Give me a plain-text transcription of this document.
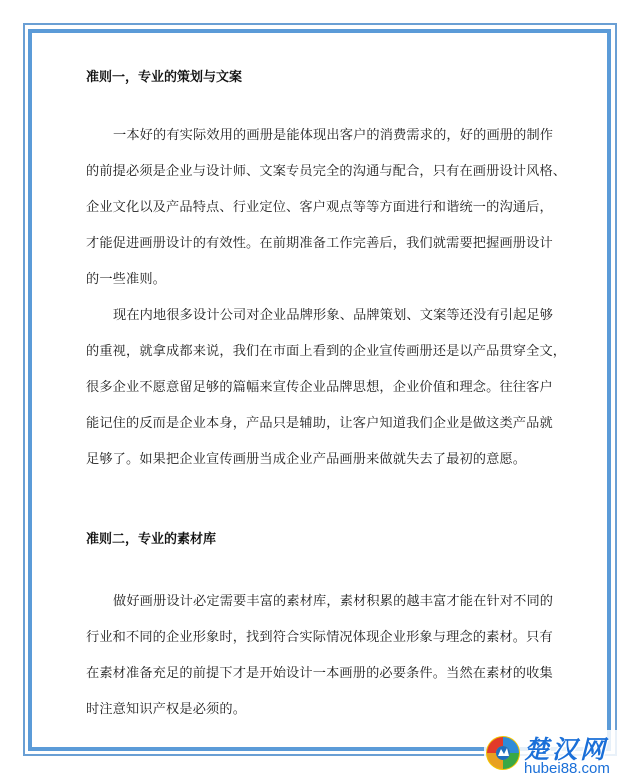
准则一，专业的策划与文案
一本好的有实际效用的画册是能体现出客户的消费需求的，好的画册的制作
的前提必须是企业与设计师、文案专员完全的沟通与配合，只有在画册设计风格、
企业文化以及产品特点、行业定位、客户观点等等方面进行和谐统一的沟通后，
才能促进画册设计的有效性。在前期准备工作完善后，我们就需要把握画册设计
的一些准则。
现在内地很多设计公司对企业品牌形象、品牌策划、文案等还没有引起足够
的重视，就拿成都来说，我们在市面上看到的企业宣传画册还是以产品贯穿全文，
很多企业不愿意留足够的篇幅来宣传企业品牌思想，企业价值和理念。往往客户
能记住的反而是企业本身，产品只是辅助，让客户知道我们企业是做这类产品就
足够了。如果把企业宣传画册当成企业产品画册来做就失去了最初的意愿。
准则二，专业的素材库
做好画册设计必定需要丰富的素材库，素材积累的越丰富才能在针对不同的
行业和不同的企业形象时，找到符合实际情况体现企业形象与理念的素材。只有
在素材准备充足的前提下才是开始设计一本画册的必要条件。当然在素材的收集
时注意知识产权是必须的。
楚汉网
hubei88.com
